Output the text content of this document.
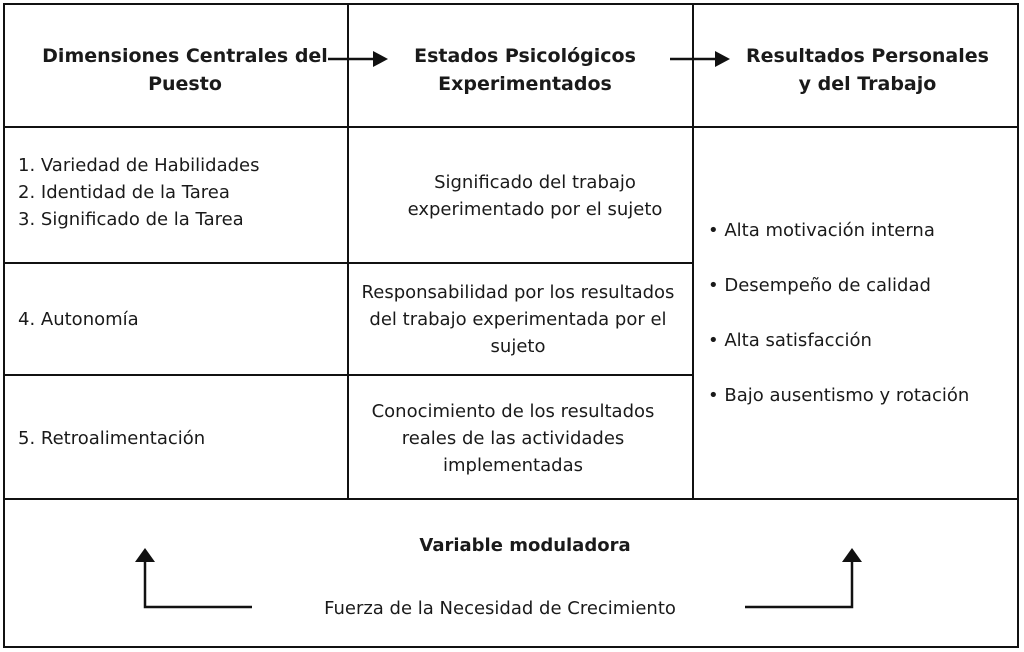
Dimensiones Centrales del Puesto
Estados Psicológicos Experimentados
Resultados Personales y del Trabajo
1. Variedad de Habilidades
2. Identidad de la Tarea
3. Significado de la Tarea
4. Autonomía
5. Retroalimentación
Significado del trabajo experimentado por el sujeto
Responsabilidad por los resultados del trabajo experimentada por el sujeto
Conocimiento de los resultados reales de las actividades implementadas
• Alta motivación interna
• Desempeño de calidad
• Alta satisfacción
• Bajo ausentismo y rotación
Variable moduladora
Fuerza de la Necesidad de Crecimiento
